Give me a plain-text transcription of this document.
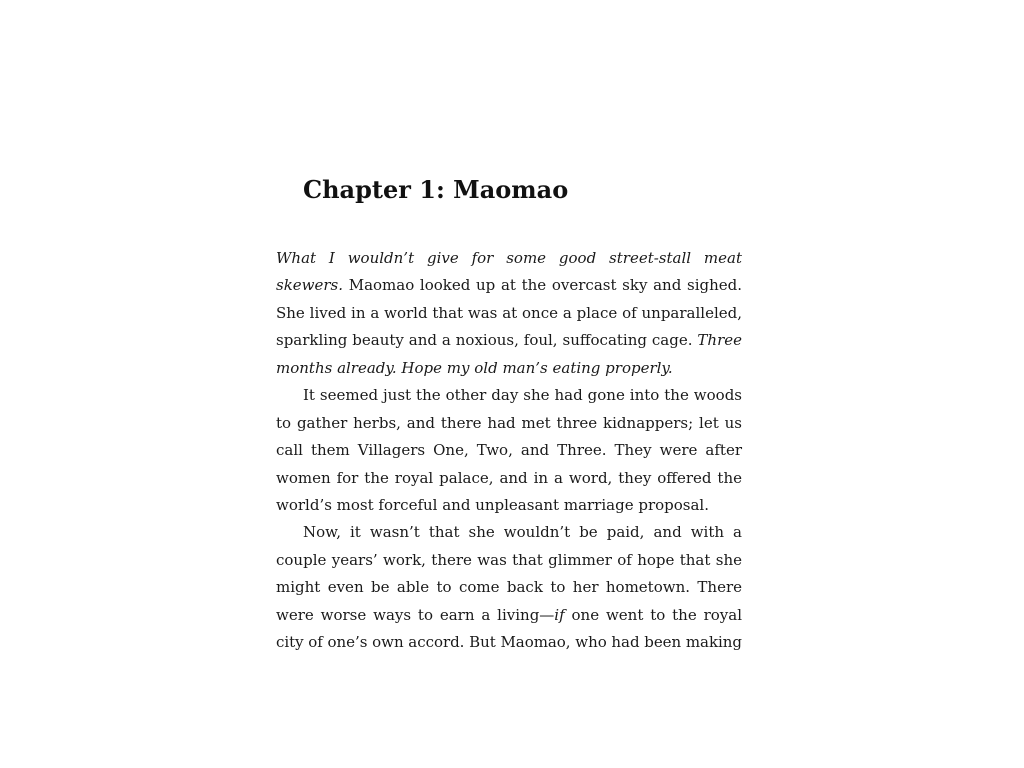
Chapter 1: Maomao
What I wouldn’t give for some good street-stall meat
skewers. Maomao looked up at the overcast sky and sighed.
She lived in a world that was at once a place of unparalleled,
sparkling beauty and a noxious, foul, suffocating cage. Three
months already. Hope my old man’s eating properly.
It seemed just the other day she had gone into the woods
to gather herbs, and there had met three kidnappers; let us
call them Villagers One, Two, and Three. They were after
women for the royal palace, and in a word, they offered the
world’s most forceful and unpleasant marriage proposal.
Now, it wasn’t that she wouldn’t be paid, and with a
couple years’ work, there was that glimmer of hope that she
might even be able to come back to her hometown. There
were worse ways to earn a living—if one went to the royal
city of one’s own accord. But Maomao, who had been making
